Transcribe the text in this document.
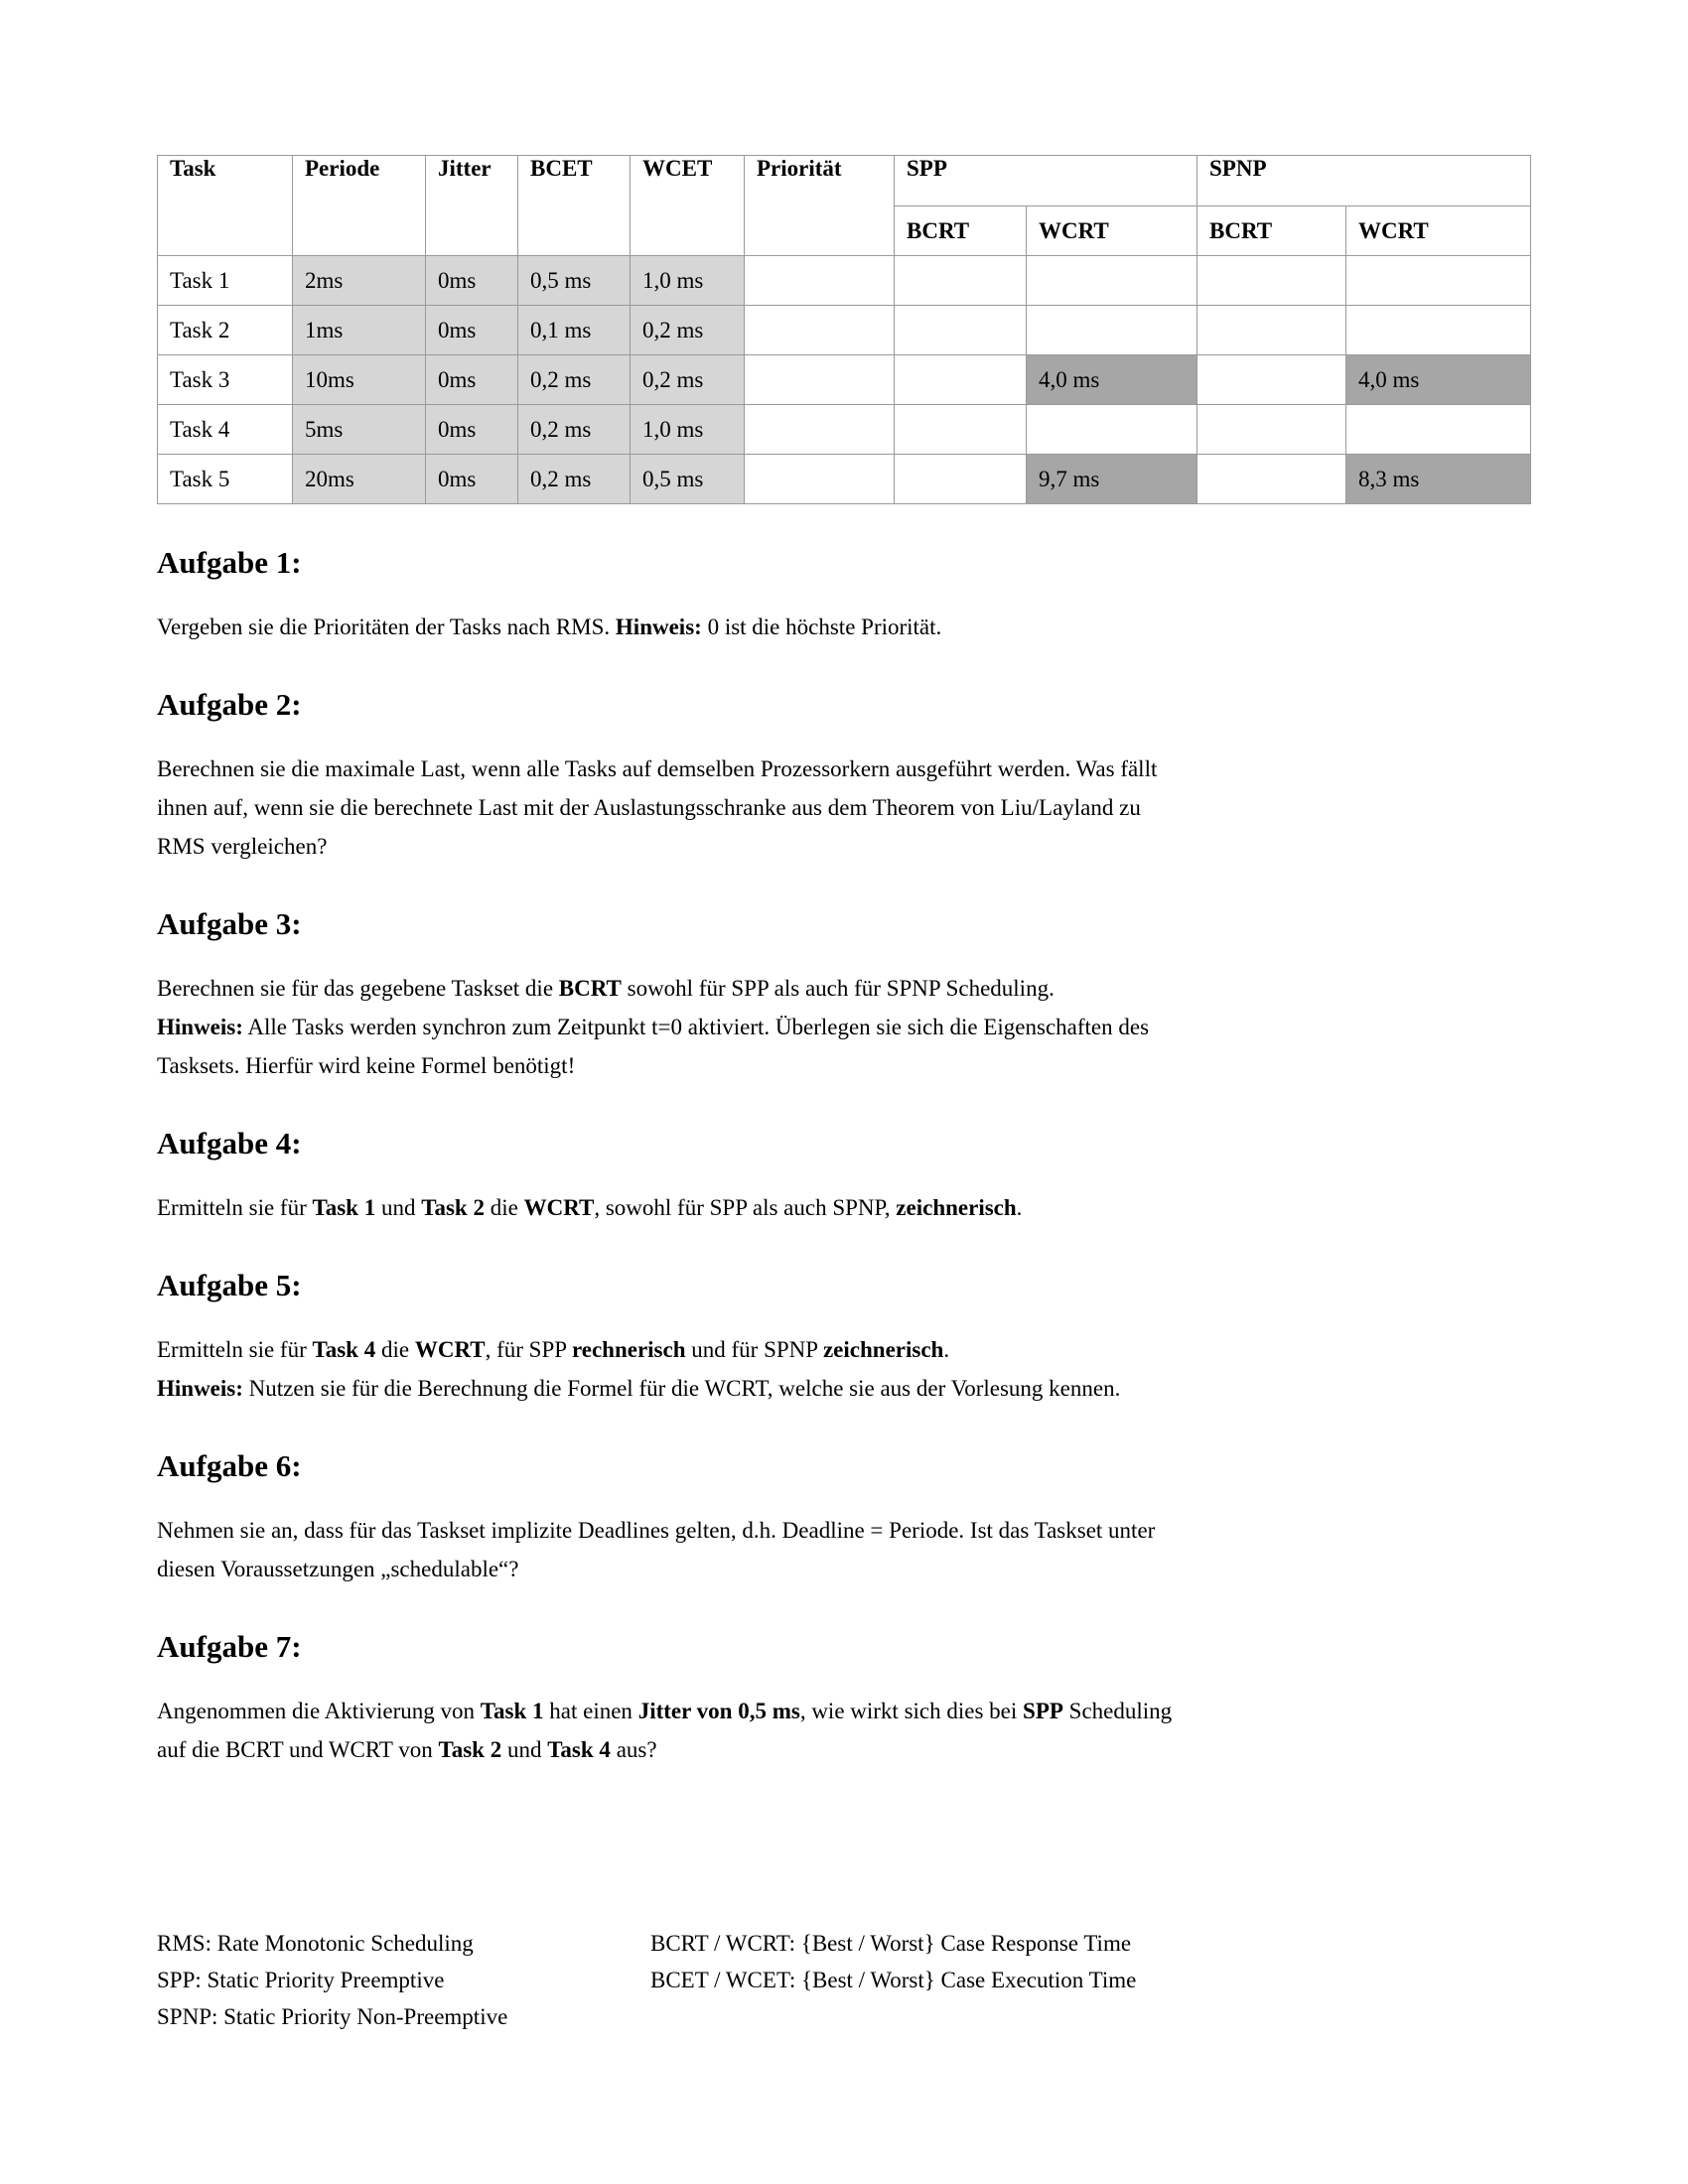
Task	Periode	Jitter	BCET	WCET	Priorität	SPP		SPNP	
						BCRT	WCRT	BCRT	WCRT
Task 1	2ms	0ms	0,5 ms	1,0 ms					
Task 2	1ms	0ms	0,1 ms	0,2 ms					
Task 3	10ms	0ms	0,2 ms	0,2 ms			4,0 ms		4,0 ms
Task 4	5ms	0ms	0,2 ms	1,0 ms					
Task 5	20ms	0ms	0,2 ms	0,5 ms			9,7 ms		8,3 ms
Aufgabe 1:

Vergeben sie die Prioritäten der Tasks nach RMS. Hinweis: 0 ist die höchste Priorität.

Aufgabe 2:

Berechnen sie die maximale Last, wenn alle Tasks auf demselben Prozessorkern ausgeführt werden. Was fällt
ihnen auf, wenn sie die berechnete Last mit der Auslastungsschranke aus dem Theorem von Liu/Layland zu
RMS vergleichen?

Aufgabe 3:

Berechnen sie für das gegebene Taskset die BCRT sowohl für SPP als auch für SPNP Scheduling.
Hinweis: Alle Tasks werden synchron zum Zeitpunkt t=0 aktiviert. Überlegen sie sich die Eigenschaften des
Tasksets. Hierfür wird keine Formel benötigt!

Aufgabe 4:

Ermitteln sie für Task 1 und Task 2 die WCRT, sowohl für SPP als auch SPNP, zeichnerisch.

Aufgabe 5:

Ermitteln sie für Task 4 die WCRT, für SPP rechnerisch und für SPNP zeichnerisch.
Hinweis: Nutzen sie für die Berechnung die Formel für die WCRT, welche sie aus der Vorlesung kennen.

Aufgabe 6:

Nehmen sie an, dass für das Taskset implizite Deadlines gelten, d.h. Deadline = Periode. Ist das Taskset unter
diesen Voraussetzungen „schedulable“?

Aufgabe 7:

Angenommen die Aktivierung von Task 1 hat einen Jitter von 0,5 ms, wie wirkt sich dies bei SPP Scheduling
auf die BCRT und WCRT von Task 2 und Task 4 aus?

RMS: Rate Monotonic Scheduling

SPP: Static Priority Preemptive

SPNP: Static Priority Non-Preemptive

BCRT / WCRT: {Best / Worst} Case Response Time

BCET / WCET: {Best / Worst} Case Execution Time
